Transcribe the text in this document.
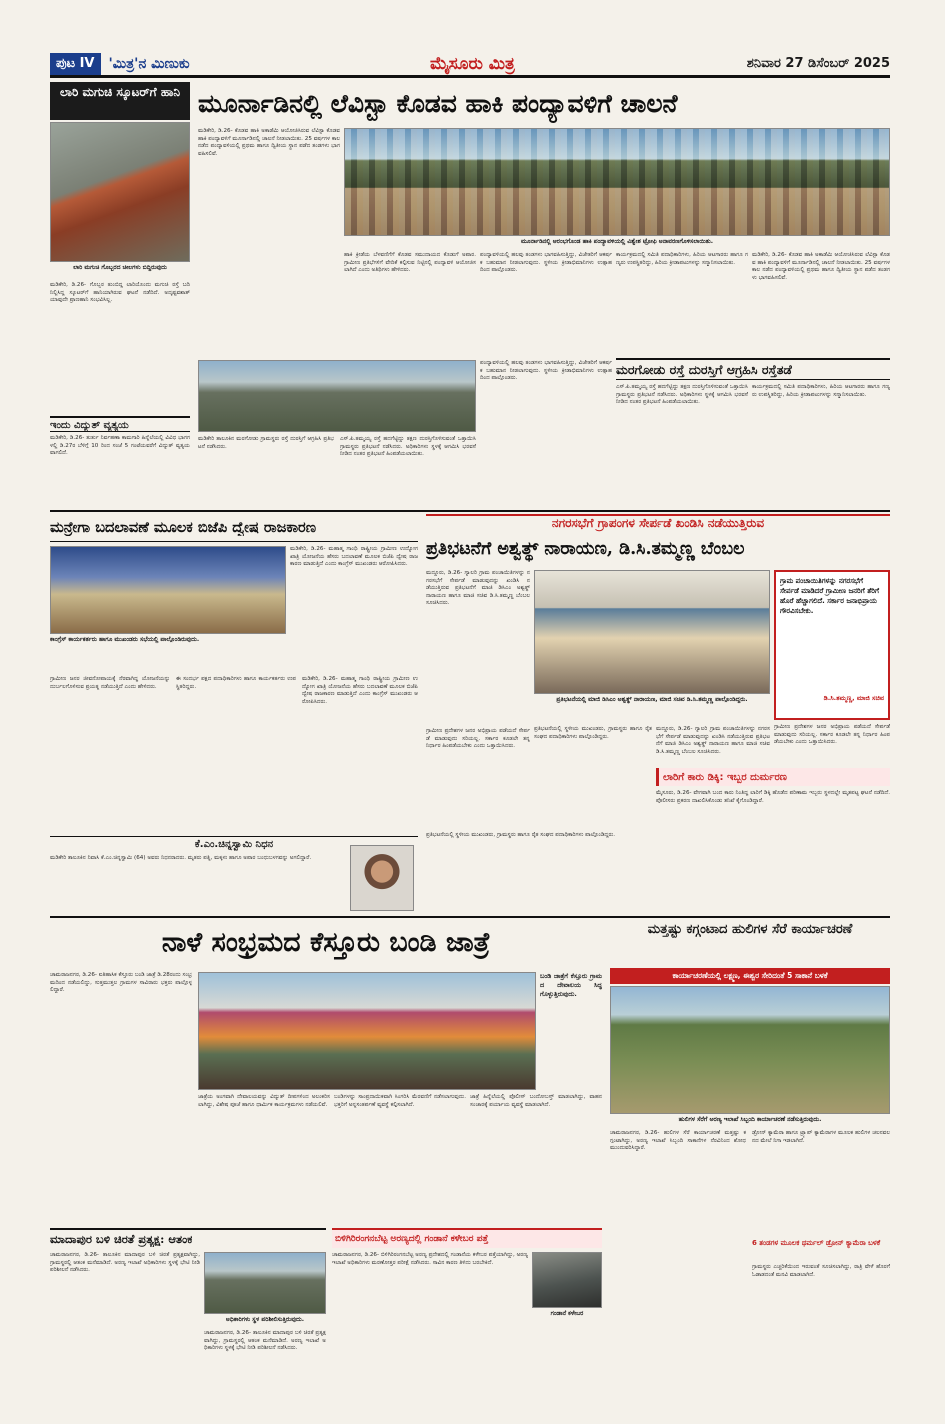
ಪುಟ IV	'ಮಿತ್ರ'ನ ಮಿಣುಕು	ಮೈಸೂರು ಮಿತ್ರ	ಶನಿವಾರ 27 ಡಿಸೆಂಬರ್ 2025
ಲಾರಿ ಮಗುಚಿ ಸ್ಕೂಟರ್‌ಗೆ ಹಾನಿ
ಲಾರಿ ಮಗುಚಿ ಗೊಬ್ಬರದ ಚೀಲಗಳು ಬಿದ್ದಿರುವುದು
ಮಡಿಕೇರಿ, ಡಿ.26- ಗೊಬ್ಬರ ತುಂಬಿದ್ದ ಲಾರಿಯೊಂದು ಮಗುಚಿ ರಸ್ತೆ ಬದಿ ನಿಲ್ಲಿಸಿದ್ದ ಸ್ಕೂಟರ್‌ಗೆ ಹಾನಿಯಾಗಿರುವ ಘಟನೆ ನಡೆದಿದೆ. ಅದೃಷ್ಟವಶಾತ್ ಯಾವುದೇ ಪ್ರಾಣಹಾನಿ ಸಂಭವಿಸಿಲ್ಲ.
ಮೂರ್ನಾಡಿನಲ್ಲಿ ಲೆವಿಸ್ಟಾ ಕೊಡವ ಹಾಕಿ ಪಂದ್ಯಾವಳಿಗೆ ಚಾಲನೆ
ಮಡಿಕೇರಿ, ಡಿ.26- ಕೊಡವ ಹಾಕಿ ಅಕಾಡೆಮಿ ಆಯೋಜಿಸಿರುವ ಲೆವಿಸ್ಟಾ ಕೊಡವ ಹಾಕಿ ಪಂದ್ಯಾವಳಿಗೆ ಮೂರ್ನಾಡಿನಲ್ಲಿ ಚಾಲನೆ ನೀಡಲಾಯಿತು. 25 ವರ್ಷಗಳ ಕಾಲ ನಡೆದ ಪಂದ್ಯಾವಳಿಯಲ್ಲಿ ಪ್ರಥಮ ಹಾಗೂ ದ್ವಿತೀಯ ಸ್ಥಾನ ಪಡೆದ ತಂಡಗಳು ಭಾಗವಹಿಸಲಿವೆ.
ಮೂರ್ನಾಡಿನಲ್ಲಿ ಆರಂಭಗೊಂಡ ಹಾಕಿ ಪಂದ್ಯಾವಳಿಯಲ್ಲಿ ವಿಶ್ವೇಶ ಟ್ರೋಫಿ ಅನಾವರಣಗೊಳಿಸಲಾಯಿತು.
ಹಾಕಿ ಕ್ರೀಡೆಯ ಬೆಳವಣಿಗೆಗೆ ಕೊಡವ ಸಮುದಾಯದ ಕೊಡುಗೆ ಅಪಾರ. ಗ್ರಾಮೀಣ ಪ್ರತಿಭೆಗಳಿಗೆ ವೇದಿಕೆ ಕಲ್ಪಿಸುವ ನಿಟ್ಟಿನಲ್ಲಿ ಪಂದ್ಯಾವಳಿ ಆಯೋಜಿಸಲಾಗಿದೆ ಎಂದು ಅತಿಥಿಗಳು ಹೇಳಿದರು.
ಪಂದ್ಯಾವಳಿಯಲ್ಲಿ ಹಲವು ತಂಡಗಳು ಭಾಗವಹಿಸುತ್ತಿದ್ದು, ವಿಜೇತರಿಗೆ ಆಕರ್ಷಕ ಬಹುಮಾನ ನೀಡಲಾಗುವುದು. ಸ್ಥಳೀಯ ಕ್ರೀಡಾಭಿಮಾನಿಗಳು ಉತ್ಸಾಹದಿಂದ ಪಾಲ್ಗೊಂಡರು.
ಕಾರ್ಯಕ್ರಮದಲ್ಲಿ ಸಮಿತಿ ಪದಾಧಿಕಾರಿಗಳು, ಹಿರಿಯ ಆಟಗಾರರು ಹಾಗೂ ಗಣ್ಯರು ಉಪಸ್ಥಿತರಿದ್ದು, ಹಿರಿಯ ಕ್ರೀಡಾಪಟುಗಳನ್ನು ಸನ್ಮಾನಿಸಲಾಯಿತು.
ಮಡಿಕೇರಿ, ಡಿ.26- ಕೊಡವ ಹಾಕಿ ಅಕಾಡೆಮಿ ಆಯೋಜಿಸಿರುವ ಲೆವಿಸ್ಟಾ ಕೊಡವ ಹಾಕಿ ಪಂದ್ಯಾವಳಿಗೆ ಮೂರ್ನಾಡಿನಲ್ಲಿ ಚಾಲನೆ ನೀಡಲಾಯಿತು. 25 ವರ್ಷಗಳ ಕಾಲ ನಡೆದ ಪಂದ್ಯಾವಳಿಯಲ್ಲಿ ಪ್ರಥಮ ಹಾಗೂ ದ್ವಿತೀಯ ಸ್ಥಾನ ಪಡೆದ ತಂಡಗಳು ಭಾಗವಹಿಸಲಿವೆ.
ಇಂದು ವಿದ್ಯುತ್ ವ್ಯತ್ಯಯ
ಮಡಿಕೇರಿ, ಡಿ.26- ತುರ್ತು ನಿರ್ವಹಣಾ ಕಾಮಗಾರಿ ಹಿನ್ನೆಲೆಯಲ್ಲಿ ವಿವಿಧ ಭಾಗಗಳಲ್ಲಿ ಡಿ.27ರ ಬೆಳಿಗ್ಗೆ 10 ರಿಂದ ಸಂಜೆ 5 ಗಂಟೆಯವರೆಗೆ ವಿದ್ಯುತ್ ವ್ಯತ್ಯಯವಾಗಲಿದೆ.
ಮಡಿಕೇರಿ ತಾಲೂಕಿನ ಮರಗೋಡು ಗ್ರಾಮಸ್ಥರು ರಸ್ತೆ ದುರಸ್ತಿಗೆ ಆಗ್ರಹಿಸಿ ಪ್ರತಿಭಟನೆ ನಡೆಸಿದರು.
ಎಸ್.ಪಿ.ತಮ್ಮಯ್ಯ ರಸ್ತೆ ಹದಗೆಟ್ಟಿದ್ದು ತಕ್ಷಣ ದುರಸ್ತಿಗೊಳಿಸುವಂತೆ ಒತ್ತಾಯಿಸಿ ಗ್ರಾಮಸ್ಥರು ಪ್ರತಿಭಟನೆ ನಡೆಸಿದರು. ಅಧಿಕಾರಿಗಳು ಸ್ಥಳಕ್ಕೆ ಆಗಮಿಸಿ ಭರವಸೆ ನೀಡಿದ ನಂತರ ಪ್ರತಿಭಟನೆ ಹಿಂಪಡೆಯಲಾಯಿತು.
ಪಂದ್ಯಾವಳಿಯಲ್ಲಿ ಹಲವು ತಂಡಗಳು ಭಾಗವಹಿಸುತ್ತಿದ್ದು, ವಿಜೇತರಿಗೆ ಆಕರ್ಷಕ ಬಹುಮಾನ ನೀಡಲಾಗುವುದು. ಸ್ಥಳೀಯ ಕ್ರೀಡಾಭಿಮಾನಿಗಳು ಉತ್ಸಾಹದಿಂದ ಪಾಲ್ಗೊಂಡರು.
ಮರಗೋಡು ರಸ್ತೆ ದುರಸ್ತಿಗೆ ಆಗ್ರಹಿಸಿ ರಸ್ತೆತಡೆ
ಎಸ್.ಪಿ.ತಮ್ಮಯ್ಯ ರಸ್ತೆ ಹದಗೆಟ್ಟಿದ್ದು ತಕ್ಷಣ ದುರಸ್ತಿಗೊಳಿಸುವಂತೆ ಒತ್ತಾಯಿಸಿ ಗ್ರಾಮಸ್ಥರು ಪ್ರತಿಭಟನೆ ನಡೆಸಿದರು. ಅಧಿಕಾರಿಗಳು ಸ್ಥಳಕ್ಕೆ ಆಗಮಿಸಿ ಭರವಸೆ ನೀಡಿದ ನಂತರ ಪ್ರತಿಭಟನೆ ಹಿಂಪಡೆಯಲಾಯಿತು.
ಕಾರ್ಯಕ್ರಮದಲ್ಲಿ ಸಮಿತಿ ಪದಾಧಿಕಾರಿಗಳು, ಹಿರಿಯ ಆಟಗಾರರು ಹಾಗೂ ಗಣ್ಯರು ಉಪಸ್ಥಿತರಿದ್ದು, ಹಿರಿಯ ಕ್ರೀಡಾಪಟುಗಳನ್ನು ಸನ್ಮಾನಿಸಲಾಯಿತು.
ಮನ್ರೇಗಾ ಬದಲಾವಣೆ ಮೂಲಕ ಬಿಜೆಪಿ ದ್ವೇಷ ರಾಜಕಾರಣ
ಕಾಂಗ್ರೆಸ್ ಕಾರ್ಯಕರ್ತರು ಹಾಗೂ ಮುಖಂಡರು ಸಭೆಯಲ್ಲಿ ಪಾಲ್ಗೊಂಡಿರುವುದು.
ಮಡಿಕೇರಿ, ಡಿ.26- ಮಹಾತ್ಮ ಗಾಂಧಿ ರಾಷ್ಟ್ರೀಯ ಗ್ರಾಮೀಣ ಉದ್ಯೋಗ ಖಾತ್ರಿ ಯೋಜನೆಯ ಹೆಸರು ಬದಲಾವಣೆ ಮೂಲಕ ಬಿಜೆಪಿ ದ್ವೇಷ ರಾಜಕಾರಣ ಮಾಡುತ್ತಿದೆ ಎಂದು ಕಾಂಗ್ರೆಸ್ ಮುಖಂಡರು ಆರೋಪಿಸಿದರು.
ಗ್ರಾಮೀಣ ಜನರ ಜೀವನೋಪಾಯಕ್ಕೆ ನೆರವಾಗಿದ್ದ ಯೋಜನೆಯನ್ನು ದುರ್ಬಲಗೊಳಿಸುವ ಪ್ರಯತ್ನ ನಡೆಯುತ್ತಿದೆ ಎಂದು ಹೇಳಿದರು.
ಈ ಸಂದರ್ಭ ಪಕ್ಷದ ಪದಾಧಿಕಾರಿಗಳು ಹಾಗೂ ಕಾರ್ಯಕರ್ತರು ಉಪಸ್ಥಿತರಿದ್ದರು.
ಮಡಿಕೇರಿ, ಡಿ.26- ಮಹಾತ್ಮ ಗಾಂಧಿ ರಾಷ್ಟ್ರೀಯ ಗ್ರಾಮೀಣ ಉದ್ಯೋಗ ಖಾತ್ರಿ ಯೋಜನೆಯ ಹೆಸರು ಬದಲಾವಣೆ ಮೂಲಕ ಬಿಜೆಪಿ ದ್ವೇಷ ರಾಜಕಾರಣ ಮಾಡುತ್ತಿದೆ ಎಂದು ಕಾಂಗ್ರೆಸ್ ಮುಖಂಡರು ಆರೋಪಿಸಿದರು.
ಕೆ.ಎಂ.ಚಿನ್ನಸ್ವಾಮಿ ನಿಧನ
ಮಡಿಕೇರಿ ತಾಲೂಕಿನ ನಿವಾಸಿ ಕೆ.ಎಂ.ಚಿನ್ನಸ್ವಾಮಿ (64) ಅವರು ನಿಧನರಾದರು. ಮೃತರು ಪತ್ನಿ, ಮಕ್ಕಳು ಹಾಗೂ ಅಪಾರ ಬಂಧುಬಳಗವನ್ನು ಅಗಲಿದ್ದಾರೆ.
ನಗರಸಭೆಗೆ ಗ್ರಾಪಂಗಳ ಸೇರ್ಪಡೆ ಖಂಡಿಸಿ ನಡೆಯುತ್ತಿರುವ
ಪ್ರತಿಭಟನೆಗೆ ಅಶ್ವತ್ಥ್ ನಾರಾಯಣ, ಡಿ.ಸಿ.ತಮ್ಮಣ್ಣ ಬೆಂಬಲ
ಮದ್ದೂರು, ಡಿ.26- ಗ್ಯಾಲರಿ ಗ್ರಾಮ ಪಂಚಾಯಿತಿಗಳನ್ನು ನಗರಸಭೆಗೆ ಸೇರ್ಪಡೆ ಮಾಡುವುದನ್ನು ಖಂಡಿಸಿ ನಡೆಯುತ್ತಿರುವ ಪ್ರತಿಭಟನೆಗೆ ಮಾಜಿ ಡಿಸಿಎಂ ಅಶ್ವತ್ಥ್ ನಾರಾಯಣ ಹಾಗೂ ಮಾಜಿ ಸಚಿವ ಡಿ.ಸಿ.ತಮ್ಮಣ್ಣ ಬೆಂಬಲ ಸೂಚಿಸಿದರು.
ಗ್ರಾಮೀಣ ಪ್ರದೇಶಗಳ ಜನರ ಅಭಿಪ್ರಾಯ ಪಡೆಯದೆ ಸೇರ್ಪಡೆ ಮಾಡುವುದು ಸರಿಯಲ್ಲ. ಸರ್ಕಾರ ಕೂಡಲೇ ತನ್ನ ನಿರ್ಧಾರ ಹಿಂಪಡೆಯಬೇಕು ಎಂದು ಒತ್ತಾಯಿಸಿದರು.
ಪ್ರತಿಭಟನೆಯಲ್ಲಿ ಮಾಜಿ ಡಿಸಿಎಂ ಅಶ್ವತ್ಥ್ ನಾರಾಯಣ, ಮಾಜಿ ಸಚಿವ ಡಿ.ಸಿ.ತಮ್ಮಣ್ಣ ಪಾಲ್ಗೊಂಡಿದ್ದರು.
ಗ್ರಾಮ ಪಂಚಾಯಿತಿಗಳನ್ನು ನಗರಸಭೆಗೆ ಸೇರ್ಪಡೆ ಮಾಡಿದರೆ ಗ್ರಾಮೀಣ ಜನರಿಗೆ ತೆರಿಗೆ ಹೊರೆ ಹೆಚ್ಚಾಗಲಿದೆ. ಸರ್ಕಾರ ಜನಾಭಿಪ್ರಾಯ ಗೌರವಿಸಬೇಕು.
ಡಿ.ಸಿ.ತಮ್ಮಣ್ಣ, ಮಾಜಿ ಸಚಿವ
ಪ್ರತಿಭಟನೆಯಲ್ಲಿ ಸ್ಥಳೀಯ ಮುಖಂಡರು, ಗ್ರಾಮಸ್ಥರು ಹಾಗೂ ರೈತ ಸಂಘದ ಪದಾಧಿಕಾರಿಗಳು ಪಾಲ್ಗೊಂಡಿದ್ದರು.
ಮದ್ದೂರು, ಡಿ.26- ಗ್ಯಾಲರಿ ಗ್ರಾಮ ಪಂಚಾಯಿತಿಗಳನ್ನು ನಗರಸಭೆಗೆ ಸೇರ್ಪಡೆ ಮಾಡುವುದನ್ನು ಖಂಡಿಸಿ ನಡೆಯುತ್ತಿರುವ ಪ್ರತಿಭಟನೆಗೆ ಮಾಜಿ ಡಿಸಿಎಂ ಅಶ್ವತ್ಥ್ ನಾರಾಯಣ ಹಾಗೂ ಮಾಜಿ ಸಚಿವ ಡಿ.ಸಿ.ತಮ್ಮಣ್ಣ ಬೆಂಬಲ ಸೂಚಿಸಿದರು.
ಗ್ರಾಮೀಣ ಪ್ರದೇಶಗಳ ಜನರ ಅಭಿಪ್ರಾಯ ಪಡೆಯದೆ ಸೇರ್ಪಡೆ ಮಾಡುವುದು ಸರಿಯಲ್ಲ. ಸರ್ಕಾರ ಕೂಡಲೇ ತನ್ನ ನಿರ್ಧಾರ ಹಿಂಪಡೆಯಬೇಕು ಎಂದು ಒತ್ತಾಯಿಸಿದರು.
ಲಾರಿಗೆ ಕಾರು ಡಿಕ್ಕಿ: ಇಬ್ಬರ ದುರ್ಮರಣ
ಮೈಸೂರು, ಡಿ.26- ವೇಗವಾಗಿ ಬಂದ ಕಾರು ನಿಂತಿದ್ದ ಲಾರಿಗೆ ಡಿಕ್ಕಿ ಹೊಡೆದ ಪರಿಣಾಮ ಇಬ್ಬರು ಸ್ಥಳದಲ್ಲೇ ಮೃತಪಟ್ಟ ಘಟನೆ ನಡೆದಿದೆ. ಪೊಲೀಸರು ಪ್ರಕರಣ ದಾಖಲಿಸಿಕೊಂಡು ತನಿಖೆ ಕೈಗೊಂಡಿದ್ದಾರೆ.
ಪ್ರತಿಭಟನೆಯಲ್ಲಿ ಸ್ಥಳೀಯ ಮುಖಂಡರು, ಗ್ರಾಮಸ್ಥರು ಹಾಗೂ ರೈತ ಸಂಘದ ಪದಾಧಿಕಾರಿಗಳು ಪಾಲ್ಗೊಂಡಿದ್ದರು.
ನಾಳೆ ಸಂಭ್ರಮದ ಕೆಸ್ತೂರು ಬಂಡಿ ಜಾತ್ರೆ
ಚಾಮರಾಜನಗರ, ಡಿ.26- ಐತಿಹಾಸಿಕ ಕೆಸ್ತೂರು ಬಂಡಿ ಜಾತ್ರೆ ಡಿ.28ರಂದು ಸಂಭ್ರಮದಿಂದ ನಡೆಯಲಿದ್ದು, ಸುತ್ತಮುತ್ತಲ ಗ್ರಾಮಗಳ ಸಾವಿರಾರು ಭಕ್ತರು ಪಾಲ್ಗೊಳ್ಳಲಿದ್ದಾರೆ.
ಬಂಡಿ ಜಾತ್ರೆಗೆ ಕೆಸ್ತೂರು ಗ್ರಾಮದ ದೇವಾಲಯ ಸಿದ್ಧಗೊಳ್ಳುತ್ತಿರುವುದು.
ಜಾತ್ರೆಯ ಅಂಗವಾಗಿ ದೇವಾಲಯವನ್ನು ವಿದ್ಯುತ್ ದೀಪಗಳಿಂದ ಅಲಂಕರಿಸಲಾಗಿದ್ದು, ವಿಶೇಷ ಪೂಜೆ ಹಾಗೂ ಧಾರ್ಮಿಕ ಕಾರ್ಯಕ್ರಮಗಳು ನಡೆಯಲಿವೆ.
ಬಂಡಿಗಳನ್ನು ಸಾಂಪ್ರದಾಯಿಕವಾಗಿ ಸಿಂಗರಿಸಿ ಮೆರವಣಿಗೆ ನಡೆಸಲಾಗುವುದು. ಭಕ್ತರಿಗೆ ಅನ್ನಸಂತರ್ಪಣೆ ವ್ಯವಸ್ಥೆ ಕಲ್ಪಿಸಲಾಗಿದೆ.
ಜಾತ್ರೆ ಹಿನ್ನೆಲೆಯಲ್ಲಿ ಪೊಲೀಸ್ ಬಂದೋಬಸ್ತ್ ಮಾಡಲಾಗಿದ್ದು, ವಾಹನ ಸಂಚಾರಕ್ಕೆ ಪರ್ಯಾಯ ವ್ಯವಸ್ಥೆ ಮಾಡಲಾಗಿದೆ.
ಮತ್ತಷ್ಟು ಕಗ್ಗಂಟಾದ ಹುಲಿಗಳ ಸೆರೆ ಕಾರ್ಯಾಚರಣೆ
ಕಾರ್ಯಾಚರಣೆಯಲ್ಲಿ ಲಕ್ಷ್ಮಣ, ಈಶ್ವರ ಸೇರಿದಂತೆ 5 ಸಾಕಾನೆ ಬಳಕೆ
ಹುಲಿಗಳ ಸೆರೆಗೆ ಅರಣ್ಯ ಇಲಾಖೆ ಸಿಬ್ಬಂದಿ ಕಾರ್ಯಾಚರಣೆ ನಡೆಸುತ್ತಿರುವುದು.
ಚಾಮರಾಜನಗರ, ಡಿ.26- ಹುಲಿಗಳ ಸೆರೆ ಕಾರ್ಯಾಚರಣೆ ಮತ್ತಷ್ಟು ಕಗ್ಗಂಟಾಗಿದ್ದು, ಅರಣ್ಯ ಇಲಾಖೆ ಸಿಬ್ಬಂದಿ ಸಾಕಾನೆಗಳ ನೆರವಿನಿಂದ ಶೋಧ ಮುಂದುವರಿಸಿದ್ದಾರೆ.
ಡ್ರೋನ್ ಕ್ಯಾಮೆರಾ ಹಾಗೂ ಟ್ರ್ಯಾಪ್ ಕ್ಯಾಮೆರಾಗಳ ಮೂಲಕ ಹುಲಿಗಳ ಚಲನವಲನದ ಮೇಲೆ ನಿಗಾ ಇಡಲಾಗಿದೆ.
6 ತಂಡಗಳ ಮೂಲಕ ಥರ್ಮಲ್ ಡ್ರೋನ್ ಕ್ಯಾಮೆರಾ ಬಳಕೆ
ಗ್ರಾಮಸ್ಥರು ಎಚ್ಚರಿಕೆಯಿಂದ ಇರುವಂತೆ ಸೂಚಿಸಲಾಗಿದ್ದು, ರಾತ್ರಿ ವೇಳೆ ಹೊರಗೆ ಓಡಾಡದಂತೆ ಮನವಿ ಮಾಡಲಾಗಿದೆ.
ಮಾದಾಪುರ ಬಳಿ ಚಿರತೆ ಪ್ರತ್ಯಕ್ಷ: ಆತಂಕ
ಚಾಮರಾಜನಗರ, ಡಿ.26- ತಾಲೂಕಿನ ಮಾದಾಪುರ ಬಳಿ ಚಿರತೆ ಪ್ರತ್ಯಕ್ಷವಾಗಿದ್ದು, ಗ್ರಾಮಸ್ಥರಲ್ಲಿ ಆತಂಕ ಮನೆಮಾಡಿದೆ. ಅರಣ್ಯ ಇಲಾಖೆ ಅಧಿಕಾರಿಗಳು ಸ್ಥಳಕ್ಕೆ ಭೇಟಿ ನೀಡಿ ಪರಿಶೀಲನೆ ನಡೆಸಿದರು.
ಅಧಿಕಾರಿಗಳು ಸ್ಥಳ ಪರಿಶೀಲಿಸುತ್ತಿರುವುದು.
ಚಾಮರಾಜನಗರ, ಡಿ.26- ತಾಲೂಕಿನ ಮಾದಾಪುರ ಬಳಿ ಚಿರತೆ ಪ್ರತ್ಯಕ್ಷವಾಗಿದ್ದು, ಗ್ರಾಮಸ್ಥರಲ್ಲಿ ಆತಂಕ ಮನೆಮಾಡಿದೆ. ಅರಣ್ಯ ಇಲಾಖೆ ಅಧಿಕಾರಿಗಳು ಸ್ಥಳಕ್ಕೆ ಭೇಟಿ ನೀಡಿ ಪರಿಶೀಲನೆ ನಡೆಸಿದರು.
ಬಿಳಿಗಿರಿರಂಗನಬೆಟ್ಟ ಅರಣ್ಯದಲ್ಲಿ ಗಂಡಾನೆ ಕಳೇಬರ ಪತ್ತೆ
ಚಾಮರಾಜನಗರ, ಡಿ.26- ಬಿಳಿಗಿರಿರಂಗನಬೆಟ್ಟ ಅರಣ್ಯ ಪ್ರದೇಶದಲ್ಲಿ ಗಂಡಾನೆಯ ಕಳೇಬರ ಪತ್ತೆಯಾಗಿದ್ದು, ಅರಣ್ಯ ಇಲಾಖೆ ಅಧಿಕಾರಿಗಳು ಮರಣೋತ್ತರ ಪರೀಕ್ಷೆ ನಡೆಸಿದರು. ಸಾವಿನ ಕಾರಣ ತಿಳಿದು ಬರಬೇಕಿದೆ.
ಗಂಡಾನೆ ಕಳೇಬರ
